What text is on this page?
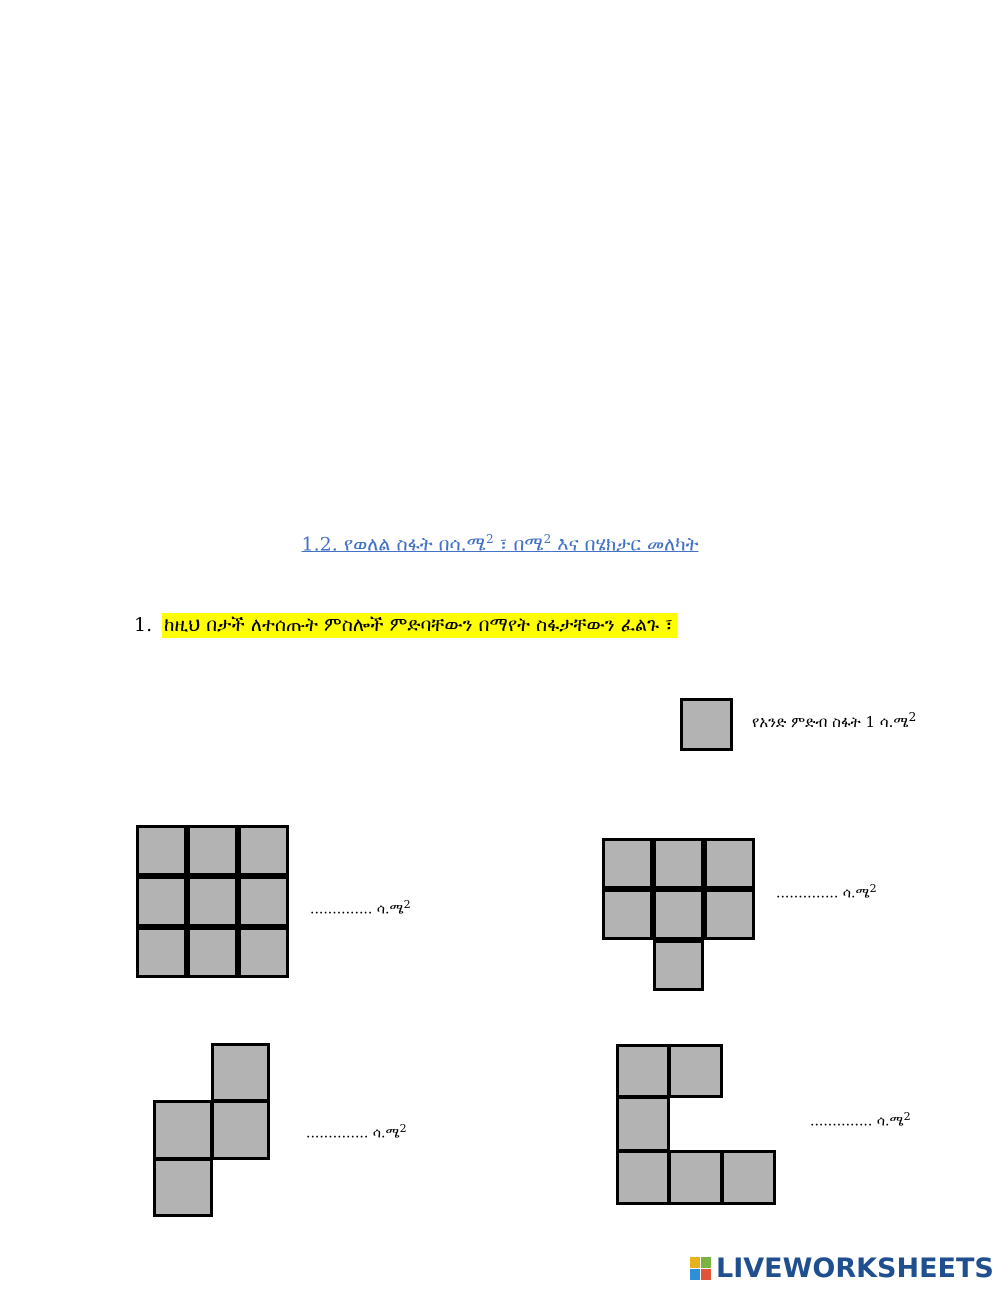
1.2. የወለል ስፋት በሳ.ሜ$^2$ ፣ በሜ$^2$ እና በሄክታር መለካት
1. ከዚህ በታች ለተሰጡት ምስሎች ምድባቸውን በማየት ስፋታቸውን ፈልጉ ፣
የአንድ ምድብ ስፋት 1 ሳ.ሜ$^2$
.............. ሳ.ሜ$^2$
.............. ሳ.ሜ$^2$
.............. ሳ.ሜ$^2$	.............. ሳ.ሜ$^2$
LIVEWORKSHEETS
